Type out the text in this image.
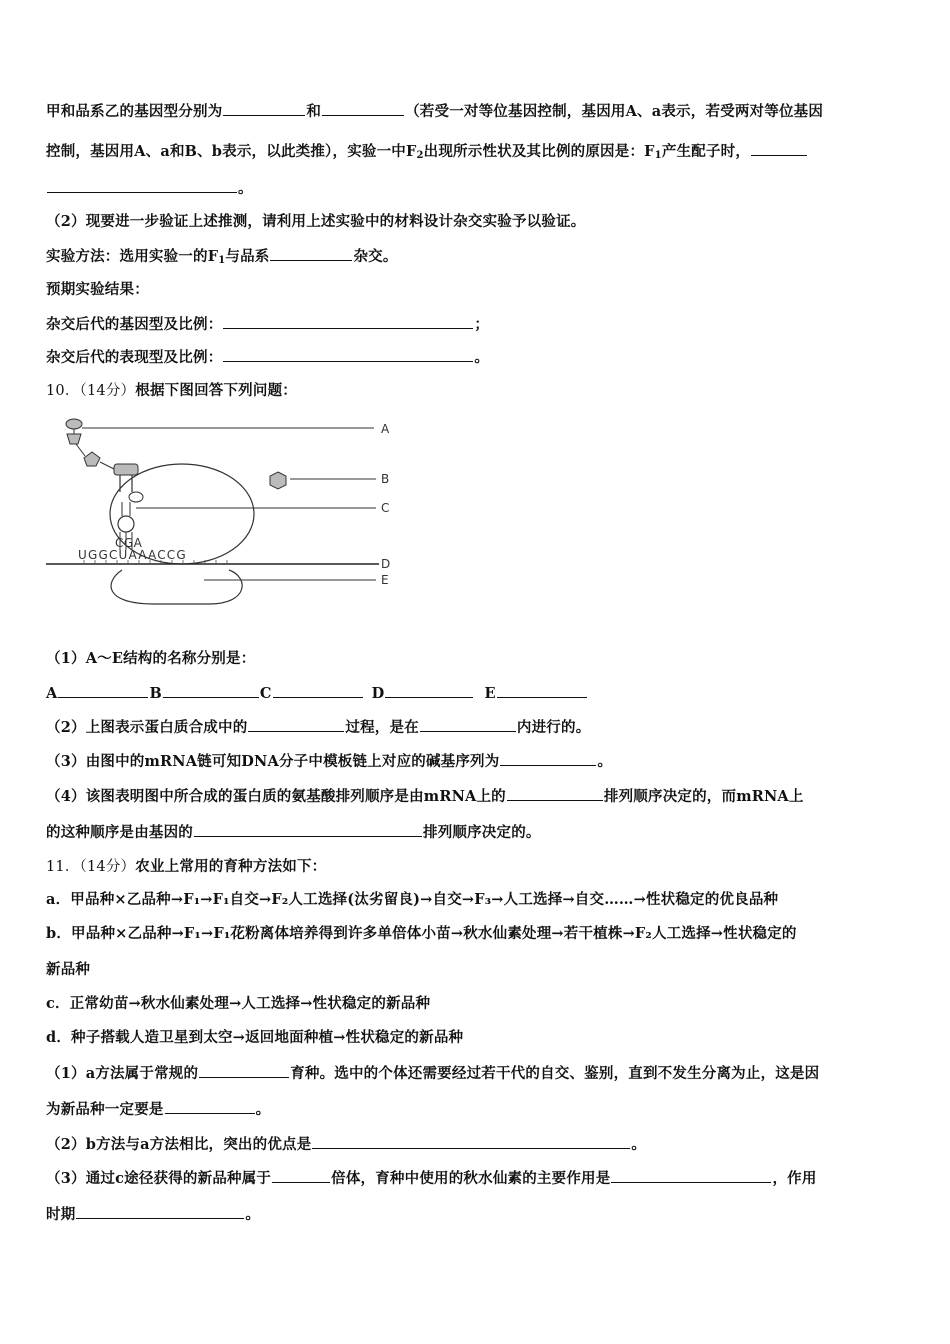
甲和品系乙的基因型分别为	和	（若受一对等位基因控制，基因用A、a表示，若受两对等位基因
控制，基因用A、a和B、b表示，以此类推），实验一中$F_2$出现所示性状及其比例的原因是：$F_1$产生配子时，
。
（2）现要进一步验证上述推测，请利用上述实验中的材料设计杂交实验予以验证。
实验方法：选用实验一的$F_1$与品系	杂交。
预期实验结果：
杂交后代的基因型及比例：	；
杂交后代的表现型及比例：	。
10．（14分）根据下图回答下列问题：
A
B
C
D
E
CGA
UGGCUAAACCG
（1）A～E结构的名称分别是：
A	B	C	D	E
（2）上图表示蛋白质合成中的	过程，是在	内进行的。
（3）由图中的mRNA链可知DNA分子中模板链上对应的碱基序列为	。
（4）该图表明图中所合成的蛋白质的氨基酸排列顺序是由mRNA上的	排列顺序决定的，而mRNA上
的这种顺序是由基因的	排列顺序决定的。
11．（14分）农业上常用的育种方法如下：
a．甲品种×乙品种→F₁→F₁自交→F₂人工选择(汰劣留良)→自交→F₃→人工选择→自交……→性状稳定的优良品种
b．甲品种×乙品种→F₁→F₁花粉离体培养得到许多单倍体小苗→秋水仙素处理→若干植株→F₂人工选择→性状稳定的
新品种
c．正常幼苗→秋水仙素处理→人工选择→性状稳定的新品种
d．种子搭载人造卫星到太空→返回地面种植→性状稳定的新品种
（1）a方法属于常规的	育种。选中的个体还需要经过若干代的自交、鉴别，直到不发生分离为止，这是因
为新品种一定要是	。
（2）b方法与a方法相比，突出的优点是	。
（3）通过c途径获得的新品种属于	倍体，育种中使用的秋水仙素的主要作用是	，作用
时期	。
